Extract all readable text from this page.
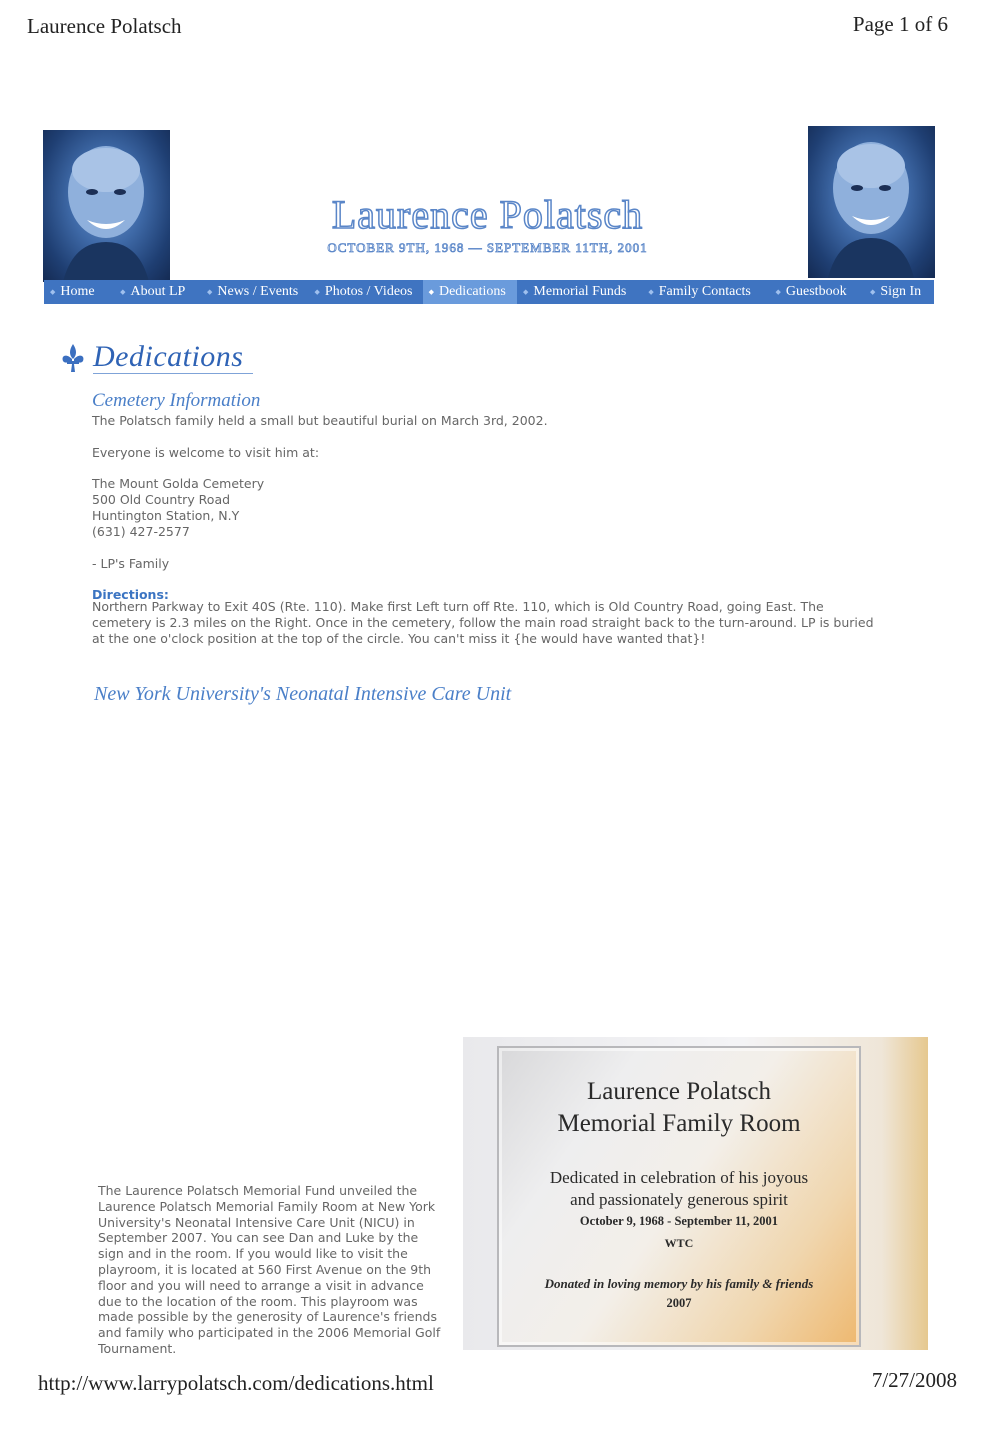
Laurence Polatsch	Page 1 of 6
Laurence Polatsch
OCTOBER 9TH, 1968 — SEPTEMBER 11TH, 2001
◆ Home	◆ About LP	◆ News / Events ◆ Photos / Videos ◆ Dedications ◆ Memorial Funds	◆ Family Contacts	◆ Guestbook	◆ Sign In
Dedications
Cemetery Information
The Polatsch family held a small but beautiful burial on March 3rd, 2002.
Everyone is welcome to visit him at:
The Mount Golda Cemetery
500 Old Country Road
Huntington Station, N.Y
(631) 427-2577
- LP's Family
Directions:
Northern Parkway to Exit 40S (Rte. 110). Make first Left turn off Rte. 110, which is Old Country Road, going East. The
cemetery is 2.3 miles on the Right. Once in the cemetery, follow the main road straight back to the turn-around. LP is buried
at the one o'clock position at the top of the circle. You can't miss it {he would have wanted that}!
New York University's Neonatal Intensive Care Unit
The Laurence Polatsch Memorial Fund unveiled the
Laurence Polatsch Memorial Family Room at New York
University's Neonatal Intensive Care Unit (NICU) in
September 2007. You can see Dan and Luke by the
sign and in the room. If you would like to visit the
playroom, it is located at 560 First Avenue on the 9th
floor and you will need to arrange a visit in advance
due to the location of the room. This playroom was
made possible by the generosity of Laurence's friends
and family who participated in the 2006 Memorial Golf
Tournament.
Laurence Polatsch
Memorial Family Room
Dedicated in celebration of his joyous
and passionately generous spirit
October 9, 1968 - September 11, 2001
WTC
Donated in loving memory by his family & friends
2007
http://www.larrypolatsch.com/dedications.html	7/27/2008
